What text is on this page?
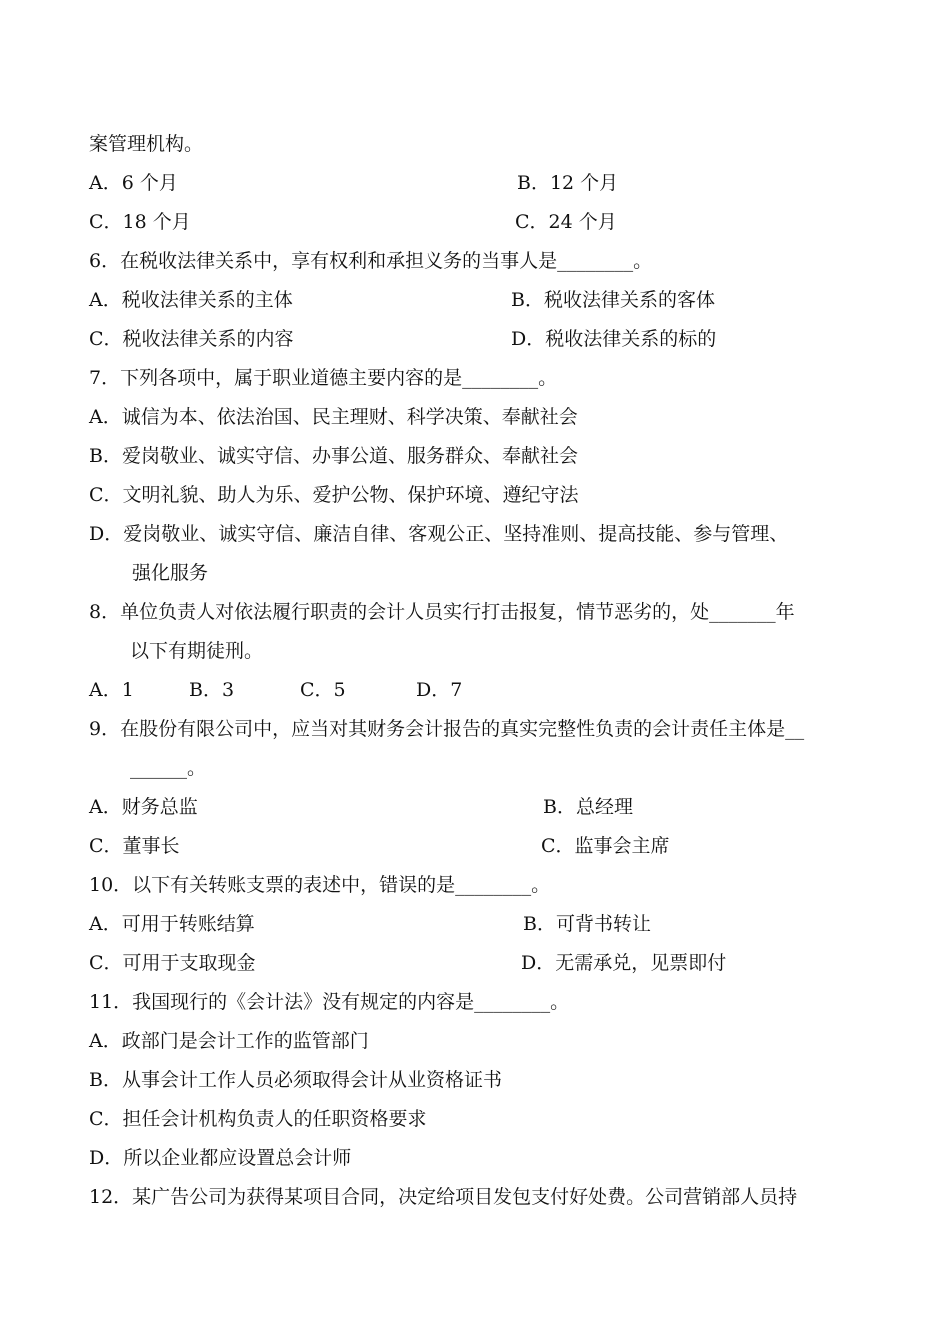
案管理机构。
A．6 个月	B．12 个月
C．18 个月	C．24 个月
6．在税收法律关系中，享有权利和承担义务的当事人是________。
A．税收法律关系的主体	B．税收法律关系的客体
C．税收法律关系的内容	D．税收法律关系的标的
7．下列各项中，属于职业道德主要内容的是________。
A．诚信为本、依法治国、民主理财、科学决策、奉献社会
B．爱岗敬业、诚实守信、办事公道、服务群众、奉献社会
C．文明礼貌、助人为乐、爱护公物、保护环境、遵纪守法
D．爱岗敬业、诚实守信、廉洁自律、客观公正、坚持准则、提高技能、参与管理、
强化服务
8．单位负责人对依法履行职责的会计人员实行打击报复，情节恶劣的，处_______年
以下有期徒刑。
A．1	B．3	C．5	D．7
9．在股份有限公司中，应当对其财务会计报告的真实完整性负责的会计责任主体是__
______。
A．财务总监	B．总经理
C．董事长	C．监事会主席
10．以下有关转账支票的表述中，错误的是________。
A．可用于转账结算	B．可背书转让
C．可用于支取现金	D．无需承兑，见票即付
11．我国现行的《会计法》没有规定的内容是________。
A．政部门是会计工作的监管部门
B．从事会计工作人员必须取得会计从业资格证书
C．担任会计机构负责人的任职资格要求
D．所以企业都应设置总会计师
12．某广告公司为获得某项目合同，决定给项目发包支付好处费。公司营销部人员持
